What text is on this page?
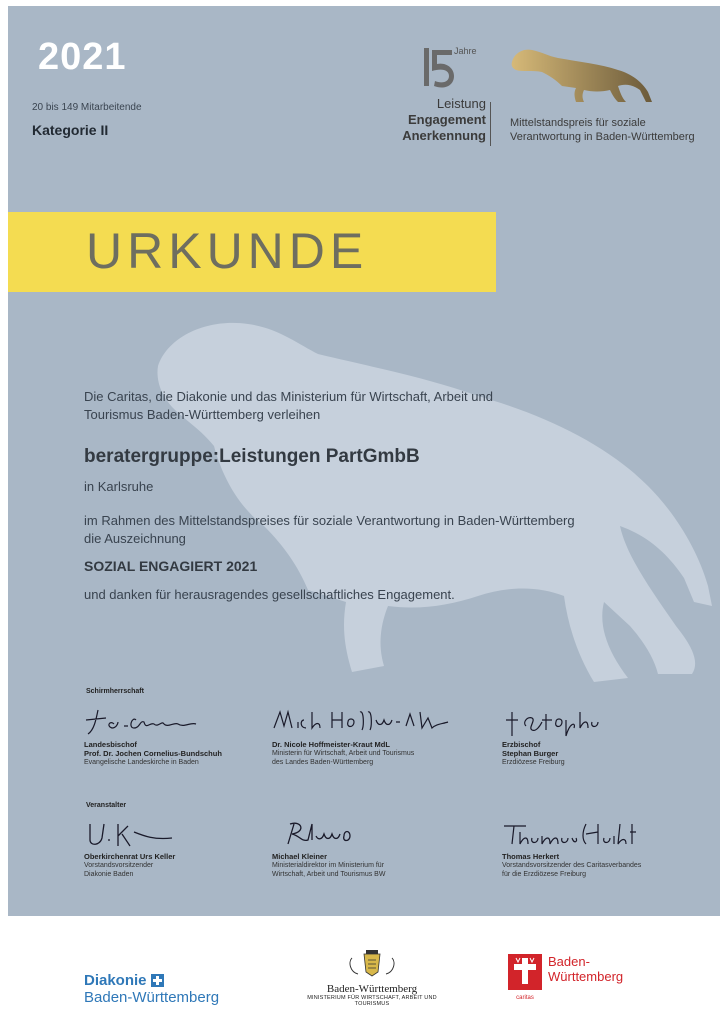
2021
20 bis 149 Mitarbeitende
Kategorie II
Jahre
Leistung
Engagement
Anerkennung
Mittelstandspreis für soziale
Verantwortung in Baden-Württemberg
URKUNDE
Die Caritas, die Diakonie und das Ministerium für Wirtschaft, Arbeit und
Tourismus Baden-Württemberg verleihen
beratergruppe:Leistungen PartGmbB
in Karlsruhe
im Rahmen des Mittelstandspreises für soziale Verantwortung in Baden-Württemberg
die Auszeichnung
SOZIAL ENGAGIERT 2021
und danken für herausragendes gesellschaftliches Engagement.
Schirmherrschaft
Landesbischof
Prof. Dr. Jochen Cornelius-Bundschuh
Evangelische Landeskirche in Baden
Dr. Nicole Hoffmeister-Kraut MdL
Ministerin für Wirtschaft, Arbeit und Tourismus
des Landes Baden-Württemberg
Erzbischof
Stephan Burger
Erzdiözese Freiburg
Veranstalter
Oberkirchenrat Urs Keller
Vorstandsvorsitzender
Diakonie Baden
Michael Kleiner
Ministerialdirektor im Ministerium für
Wirtschaft, Arbeit und Tourismus BW
Thomas Herkert
Vorstandsvorsitzender des Caritasverbandes
für die Erzdiözese Freiburg
Diakonie
Baden-Württemberg	Baden-Württemberg
MINISTERIUM FÜR WIRTSCHAFT, ARBEIT UND TOURISMUS
caritas
Baden-
Württemberg
